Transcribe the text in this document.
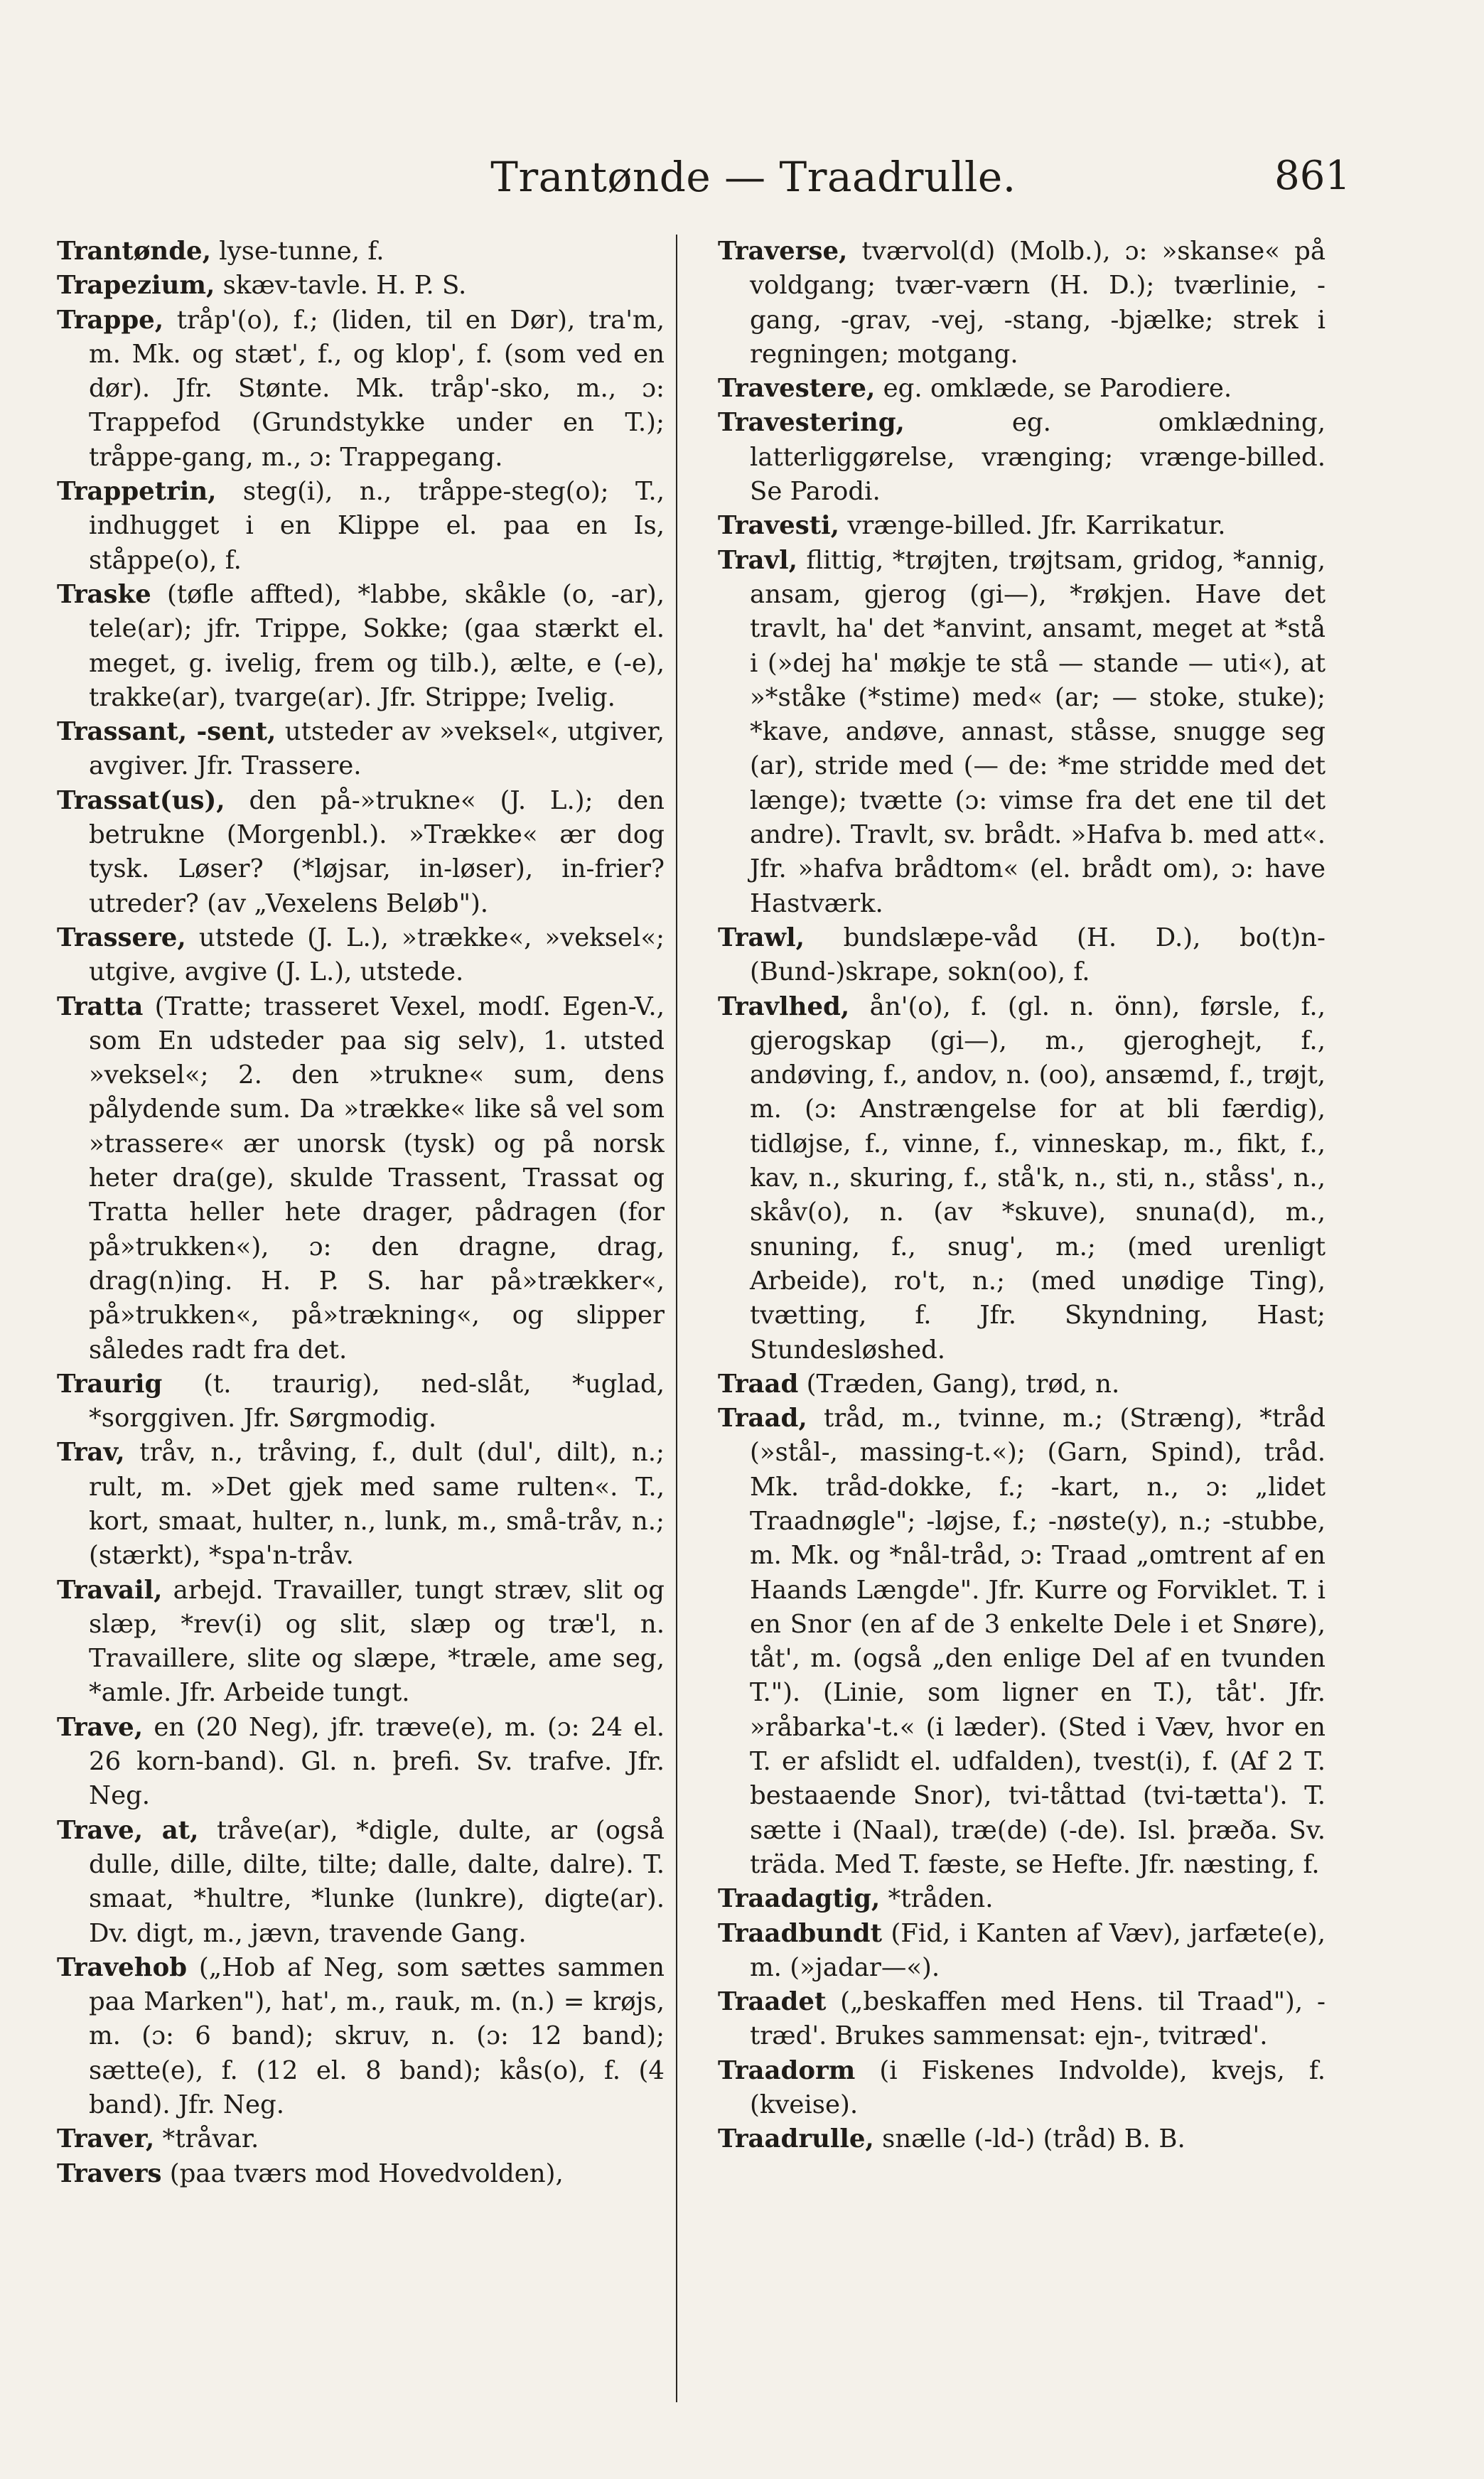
Trantønde — Traadrulle.	861
Trantønde, lyse-tunne, f.
Trapezium, skæv-tavle. H. P. S.
Trappe, tråp'(o), f.; (liden, til en Dør), tra'm, m. Mk. og stæt', f., og klop', f. (som ved en dør). Jfr. Stønte. Mk. tråp'-sko, m., ɔ: Trappefod (Grundstykke under en T.); tråppe-gang, m., ɔ: Trappegang.
Trappetrin, steg(i), n., tråppe-steg(o); T., indhugget i en Klippe el. paa en Is, ståppe(o), f.
Traske (tøfle affted), *labbe, skåkle (o, -ar), tele(ar); jfr. Trippe, Sokke; (gaa stærkt el. meget, g. ivelig, frem og tilb.), ælte, e (-e), trakke(ar), tvarge(ar). Jfr. Strippe; Ivelig.
Trassant, -sent, utsteder av »veksel«, utgiver, avgiver. Jfr. Trassere.
Trassat(us), den på-»trukne« (J. L.); den betrukne (Morgenbl.). »Trække« ær dog tysk. Løser? (*løjsar, in-løser), in-frier? utreder? (av „Vexelens Beløb").
Trassere, utstede (J. L.), »trække«, »veksel«; utgive, avgive (J. L.), utstede.
Tratta (Tratte; trasseret Vexel, modſ. Egen-V., som En udsteder paa sig selv), 1. utsted »veksel«; 2. den »trukne« sum, dens pålydende sum. Da »trække« like så vel som »trassere« ær unorsk (tysk) og på norsk heter dra(ge), skulde Trassent, Trassat og Tratta heller hete drager, pådragen (for på»trukken«), ɔ: den dragne, drag, drag(n)ing. H. P. S. har på»trækker«, på»trukken«, på»trækning«, og slipper således radt fra det.
Traurig (t. traurig), ned-slåt, *uglad, *sorggiven. Jfr. Sørgmodig.
Trav, tråv, n., tråving, f., dult (dul', dilt), n.; rult, m. »Det gjek med same rulten«. T., kort, smaat, hulter, n., lunk, m., små-tråv, n.; (stærkt), *spa'n-tråv.
Travail, arbejd. Travailler, tungt stræv, slit og slæp, *rev(i) og slit, slæp og træ'l, n. Travaillere, slite og slæpe, *træle, ame seg, *amle. Jfr. Arbeide tungt.
Trave, en (20 Neg), jfr. træve(e), m. (ɔ: 24 el. 26 korn-band). Gl. n. þrefi. Sv. trafve. Jfr. Neg.
Trave, at, tråve(ar), *digle, dulte, ar (også dulle, dille, dilte, tilte; dalle, dalte, dalre). T. smaat, *hultre, *lunke (lunkre), digte(ar). Dv. digt, m., jævn, travende Gang.
Travehob („Hob af Neg, som sættes sammen paa Marken"), hat', m., rauk, m. (n.) = krøjs, m. (ɔ: 6 band); skruv, n. (ɔ: 12 band); sætte(e), f. (12 el. 8 band); kås(o), f. (4 band). Jfr. Neg.
Traver, *tråvar.
Travers (paa tværs mod Hovedvolden),
Traverse, tværvol(d) (Molb.), ɔ: »skanse« på voldgang; tvær-værn (H. D.); tværlinie, -gang, -grav, -vej, -stang, -bjælke; strek i regningen; motgang.
Travestere, eg. omklæde, se Parodiere.
Travestering, eg. omklædning, latterliggørelse, vrænging; vrænge-billed. Se Parodi.
Travesti, vrænge-billed. Jfr. Karrikatur.
Travl, flittig, *trøjten, trøjtsam, gridog, *annig, ansam, gjerog (gi—), *røkjen. Have det travlt, ha' det *anvint, ansamt, meget at *stå i (»dej ha' møkje te stå — stande — uti«), at »*ståke (*stime) med« (ar; — stoke, stuke); *kave, andøve, annast, ståsse, snugge seg (ar), stride med (— de: *me stridde med det længe); tvætte (ɔ: vimse fra det ene til det andre). Travlt, sv. brådt. »Hafva b. med att«. Jfr. »hafva brådtom« (el. brådt om), ɔ: have Hastværk.
Trawl, bundslæpe-våd (H. D.), bo(t)n-(Bund-)skrape, sokn(oo), f.
Travlhed, ån'(o), f. (gl. n. önn), førsle, f., gjerogskap (gi—), m., gjeroghejt, f., andøving, f., andov, n. (oo), ansæmd, f., trøjt, m. (ɔ: Anstrængelse for at bli færdig), tidløjse, f., vinne, f., vinneskap, m., fikt, f., kav, n., skuring, f., stå'k, n., sti, n., ståss', n., skåv(o), n. (av *skuve), snuna(d), m., snuning, f., snug', m.; (med urenligt Arbeide), ro't, n.; (med unødige Ting), tvætting, f. Jfr. Skyndning, Hast; Stundesløshed.
Traad (Træden, Gang), trød, n.
Traad, tråd, m., tvinne, m.; (Stræng), *tråd (»stål-, massing-t.«); (Garn, Spind), tråd. Mk. tråd-dokke, f.; -kart, n., ɔ: „lidet Traadnøgle"; -løjse, f.; -nøste(y), n.; -stubbe, m. Mk. og *nål-tråd, ɔ: Traad „omtrent af en Haands Længde". Jfr. Kurre og Forviklet. T. i en Snor (en af de 3 enkelte Dele i et Snøre), tåt', m. (også „den enlige Del af en tvunden T."). (Linie, som ligner en T.), tåt'. Jfr. »råbarka'-t.« (i læder). (Sted i Væv, hvor en T. er afslidt el. udfalden), tvest(i), f. (Af 2 T. bestaaende Snor), tvi-tåttad (tvi-tætta'). T. sætte i (Naal), træ(de) (-de). Isl. þræða. Sv. träda. Med T. fæste, se Hefte. Jfr. næsting, f.
Traadagtig, *tråden.
Traadbundt (Fid, i Kanten af Væv), jarfæte(e), m. (»jadar—«).
Traadet („beskaffen med Hens. til Traad"), -træd'. Brukes sammensat: ejn-, tvitræd'.
Traadorm (i Fiskenes Indvolde), kvejs, f. (kveise).
Traadrulle, snælle (-ld-) (tråd) B. B.
